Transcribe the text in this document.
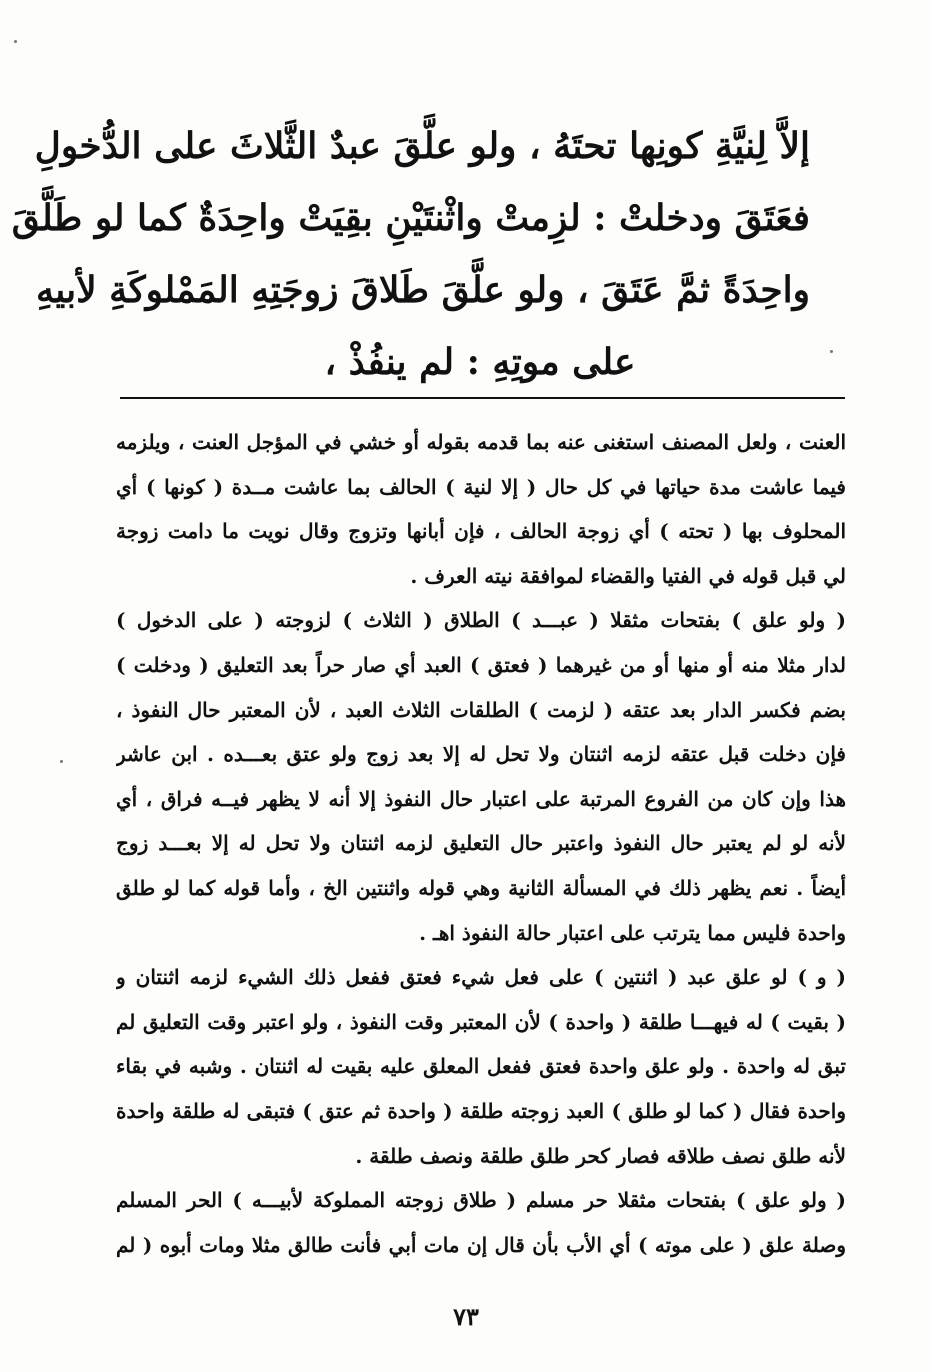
إلاَّ لِنيَّةِ كونِها تحتَهُ ، ولو علَّقَ عبدٌ الثَّلاثَ على الدُّخولِ
فعَتَقَ ودخلتْ : لزِمتْ واثْنتَيْنِ بقِيَتْ واحِدَةٌ كما لو طَلَّقَ
واحِدَةً ثمَّ عَتَقَ ، ولو علَّقَ طَلاقَ زوجَتِهِ المَمْلوكَةِ لأبيهِ
على موتِهِ : لم ينفُذْ ،
العنت ، ولعل المصنف استغنى عنه بما قدمه بقوله أو خشي في المؤجل العنت ، ويلزمه
فيما عاشت مدة حياتها في كل حال ( إلا لنية ) الحالف بما عاشت مــدة ( كونها ) أي
المحلوف بها ( تحته ) أي زوجة الحالف ، فإن أبانها وتزوج وقال نويت ما دامت زوجة
لي قبل قوله في الفتيا والقضاء لموافقة نيته العرف .
( ولو علق ) بفتحات مثقلا ( عبـــد ) الطلاق ( الثلاث ) لزوجته ( على الدخول )
لدار مثلا منه أو منها أو من غيرهما ( فعتق ) العبد أي صار حراً بعد التعليق ( ودخلت )
بضم فكسر الدار بعد عتقه ( لزمت ) الطلقات الثلاث العبد ، لأن المعتبر حال النفوذ ،
فإن دخلت قبل عتقه لزمه اثنتان ولا تحل له إلا بعد زوج ولو عتق بعـــده . ابن عاشر
هذا وإن كان من الفروع المرتبة على اعتبار حال النفوذ إلا أنه لا يظهر فيــه فراق ، أي
لأنه لو لم يعتبر حال النفوذ واعتبر حال التعليق لزمه اثنتان ولا تحل له إلا بعـــد زوج
أيضاً . نعم يظهر ذلك في المسألة الثانية وهي قوله واثنتين الخ ، وأما قوله كما لو طلق
واحدة فليس مما يترتب على اعتبار حالة النفوذ اهـ .
( و ) لو علق عبد ( اثنتين ) على فعل شيء فعتق ففعل ذلك الشيء لزمه اثنتان و
( بقيت ) له فيهـــا طلقة ( واحدة ) لأن المعتبر وقت النفوذ ، ولو اعتبر وقت التعليق لم
تبق له واحدة . ولو علق واحدة فعتق ففعل المعلق عليه بقيت له اثنتان . وشبه في بقاء
واحدة فقال ( كما لو طلق ) العبد زوجته طلقة ( واحدة ثم عتق ) فتبقى له طلقة واحدة
لأنه طلق نصف طلاقه فصار كحر طلق طلقة ونصف طلقة .
( ولو علق ) بفتحات مثقلا حر مسلم ( طلاق زوجته المملوكة لأبيـــه ) الحر المسلم
وصلة علق ( على موته ) أي الأب بأن قال إن مات أبي فأنت طالق مثلا ومات أبوه ( لم
٧٣
